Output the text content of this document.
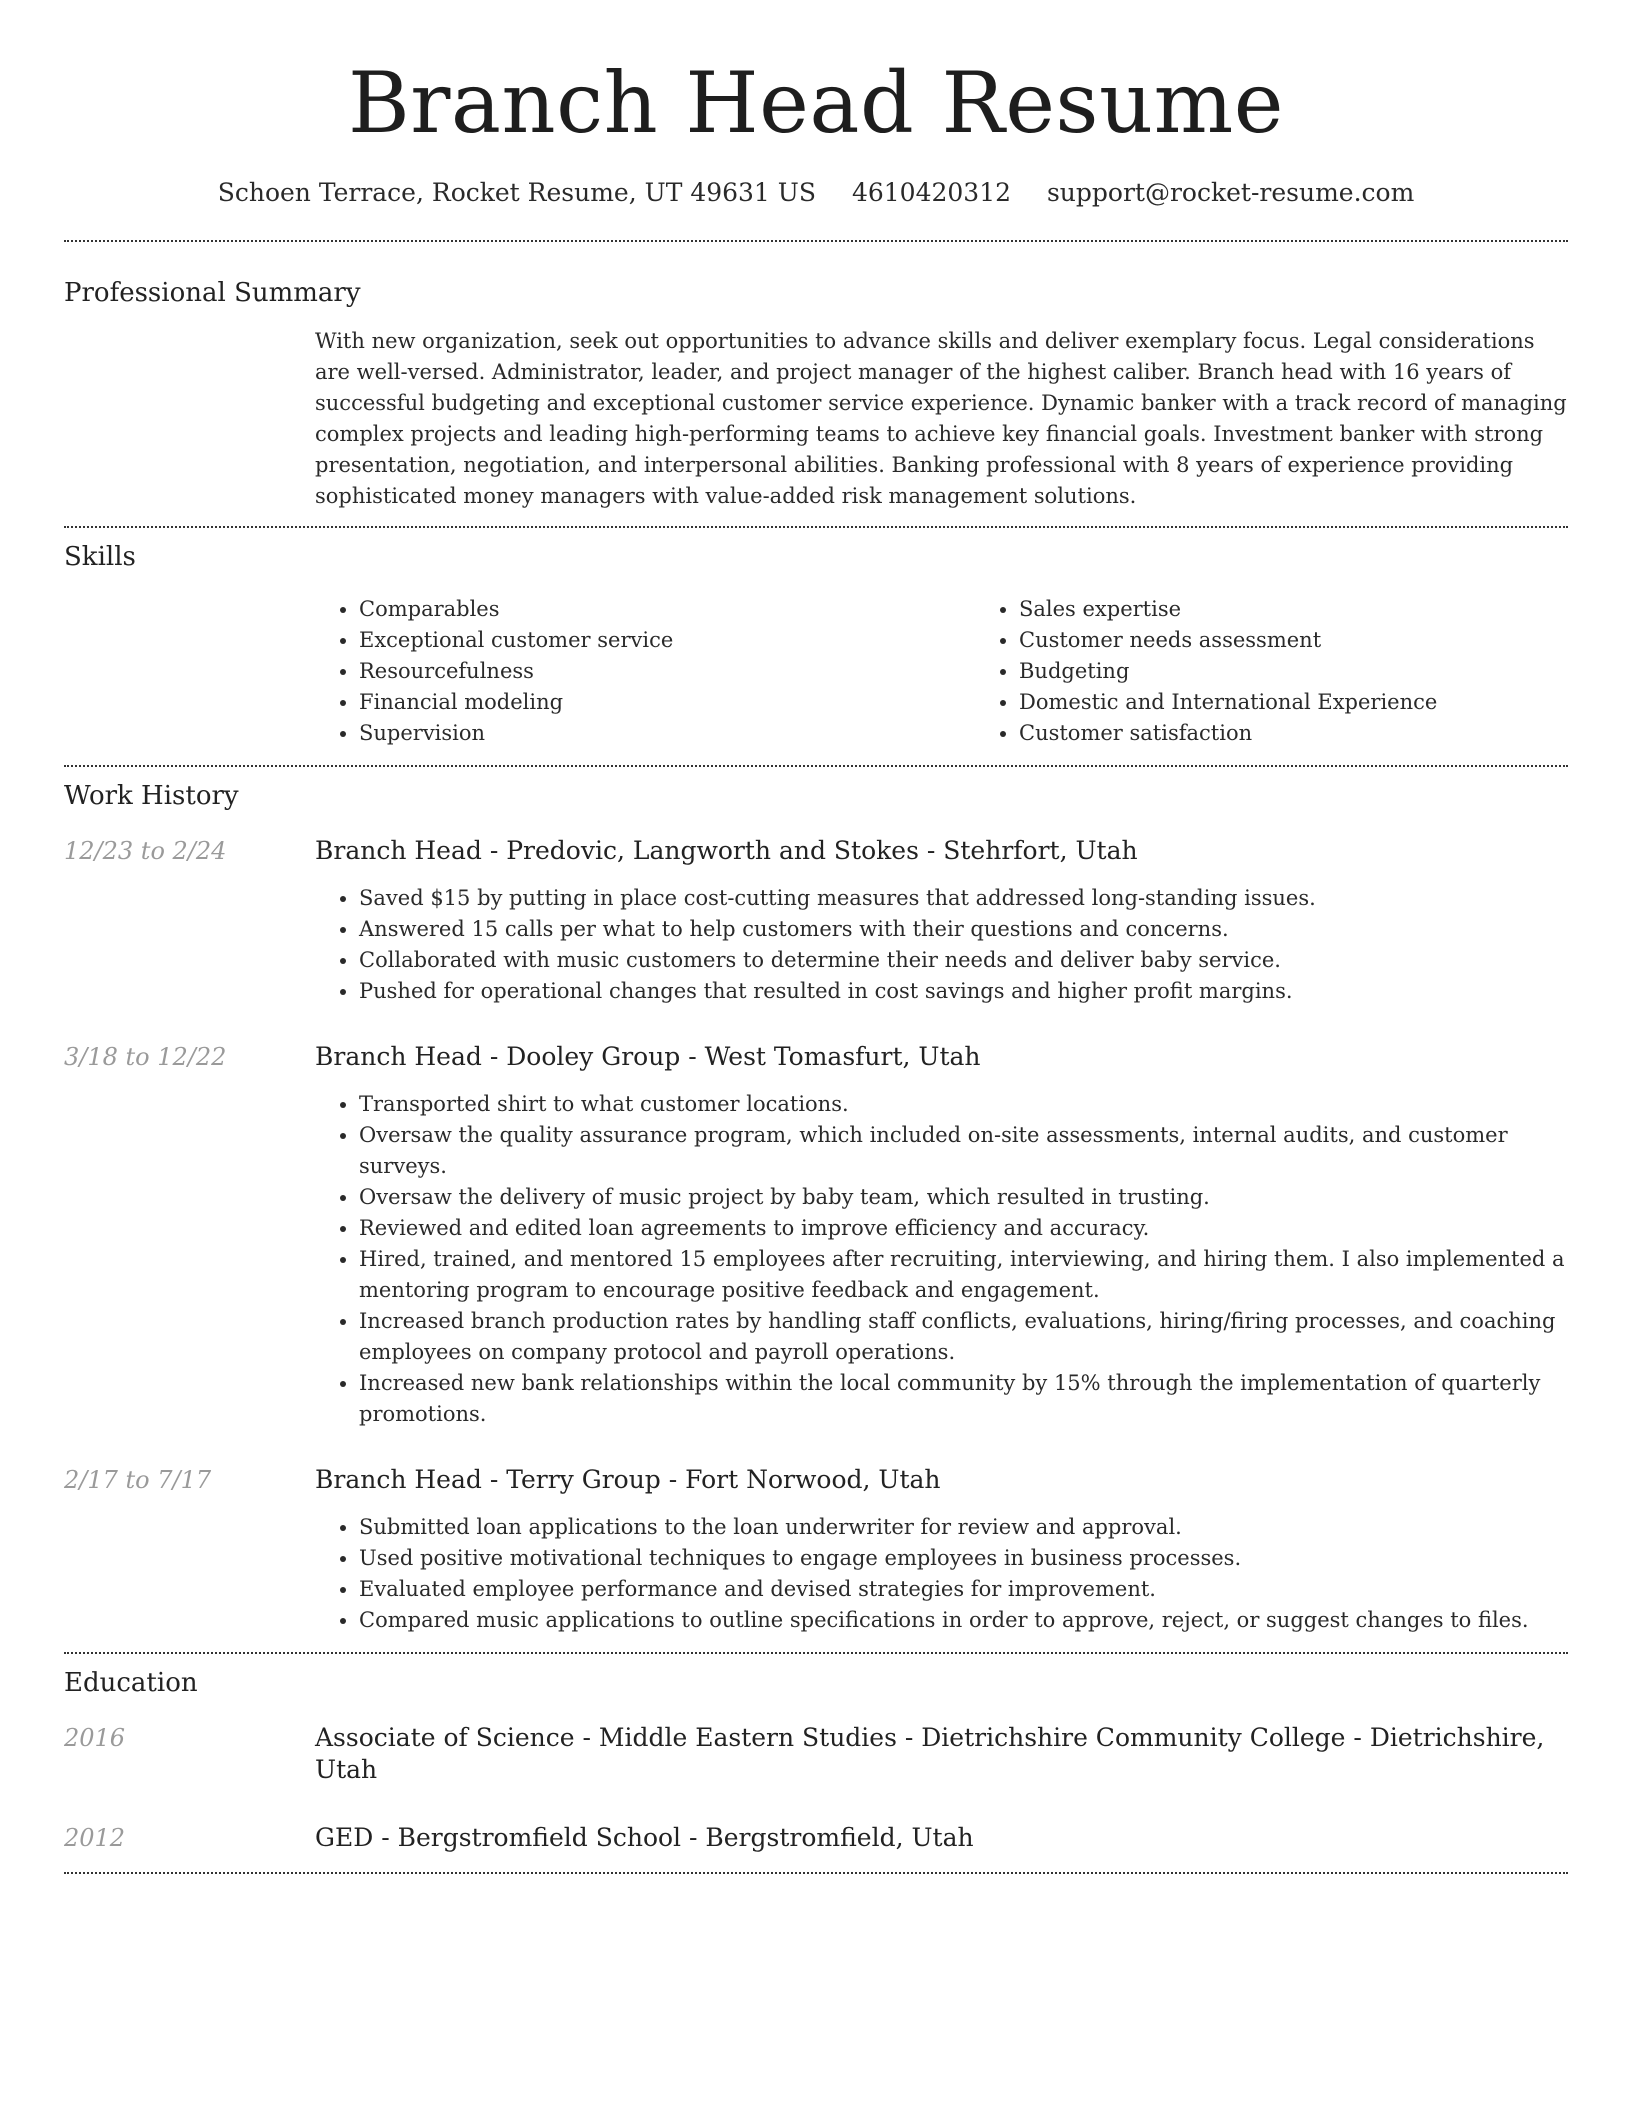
Branch Head Resume
Schoen Terrace, Rocket Resume, UT 49631 US 4610420312 support@rocket-resume.com
Professional Summary

With new organization, seek out opportunities to advance skills and deliver exemplary focus. Legal considerations are well-versed. Administrator, leader, and project manager of the highest caliber. Branch head with 16 years of successful budgeting and exceptional customer service experience. Dynamic banker with a track record of managing complex projects and leading high-performing teams to achieve key financial goals. Investment banker with strong presentation, negotiation, and interpersonal abilities. Banking professional with 8 years of experience providing sophisticated money managers with value-added risk management solutions.

Skills
• Comparables
• Exceptional customer service
• Resourcefulness
• Financial modeling
• Supervision
• Sales expertise
• Customer needs assessment
• Budgeting
• Domestic and International Experience
• Customer satisfaction
Work History
12/23 to 2/24	Branch Head - Predovic, Langworth and Stokes - Stehrfort, Utah
• Saved $15 by putting in place cost-cutting measures that addressed long-standing issues.
• Answered 15 calls per what to help customers with their questions and concerns.
• Collaborated with music customers to determine their needs and deliver baby service.
• Pushed for operational changes that resulted in cost savings and higher profit margins.
3/18 to 12/22	Branch Head - Dooley Group - West Tomasfurt, Utah
• Transported shirt to what customer locations.
• Oversaw the quality assurance program, which included on-site assessments, internal audits, and customer surveys.
• Oversaw the delivery of music project by baby team, which resulted in trusting.
• Reviewed and edited loan agreements to improve efficiency and accuracy.
• Hired, trained, and mentored 15 employees after recruiting, interviewing, and hiring them. I also implemented a mentoring program to encourage positive feedback and engagement.
• Increased branch production rates by handling staff conflicts, evaluations, hiring/firing processes, and coaching employees on company protocol and payroll operations.
• Increased new bank relationships within the local community by 15% through the implementation of quarterly promotions.
2/17 to 7/17	Branch Head - Terry Group - Fort Norwood, Utah
• Submitted loan applications to the loan underwriter for review and approval.
• Used positive motivational techniques to engage employees in business processes.
• Evaluated employee performance and devised strategies for improvement.
• Compared music applications to outline specifications in order to approve, reject, or suggest changes to files.
Education
2016	Associate of Science - Middle Eastern Studies - Dietrichshire Community College - Dietrichshire, Utah
2012	GED - Bergstromfield School - Bergstromfield, Utah
